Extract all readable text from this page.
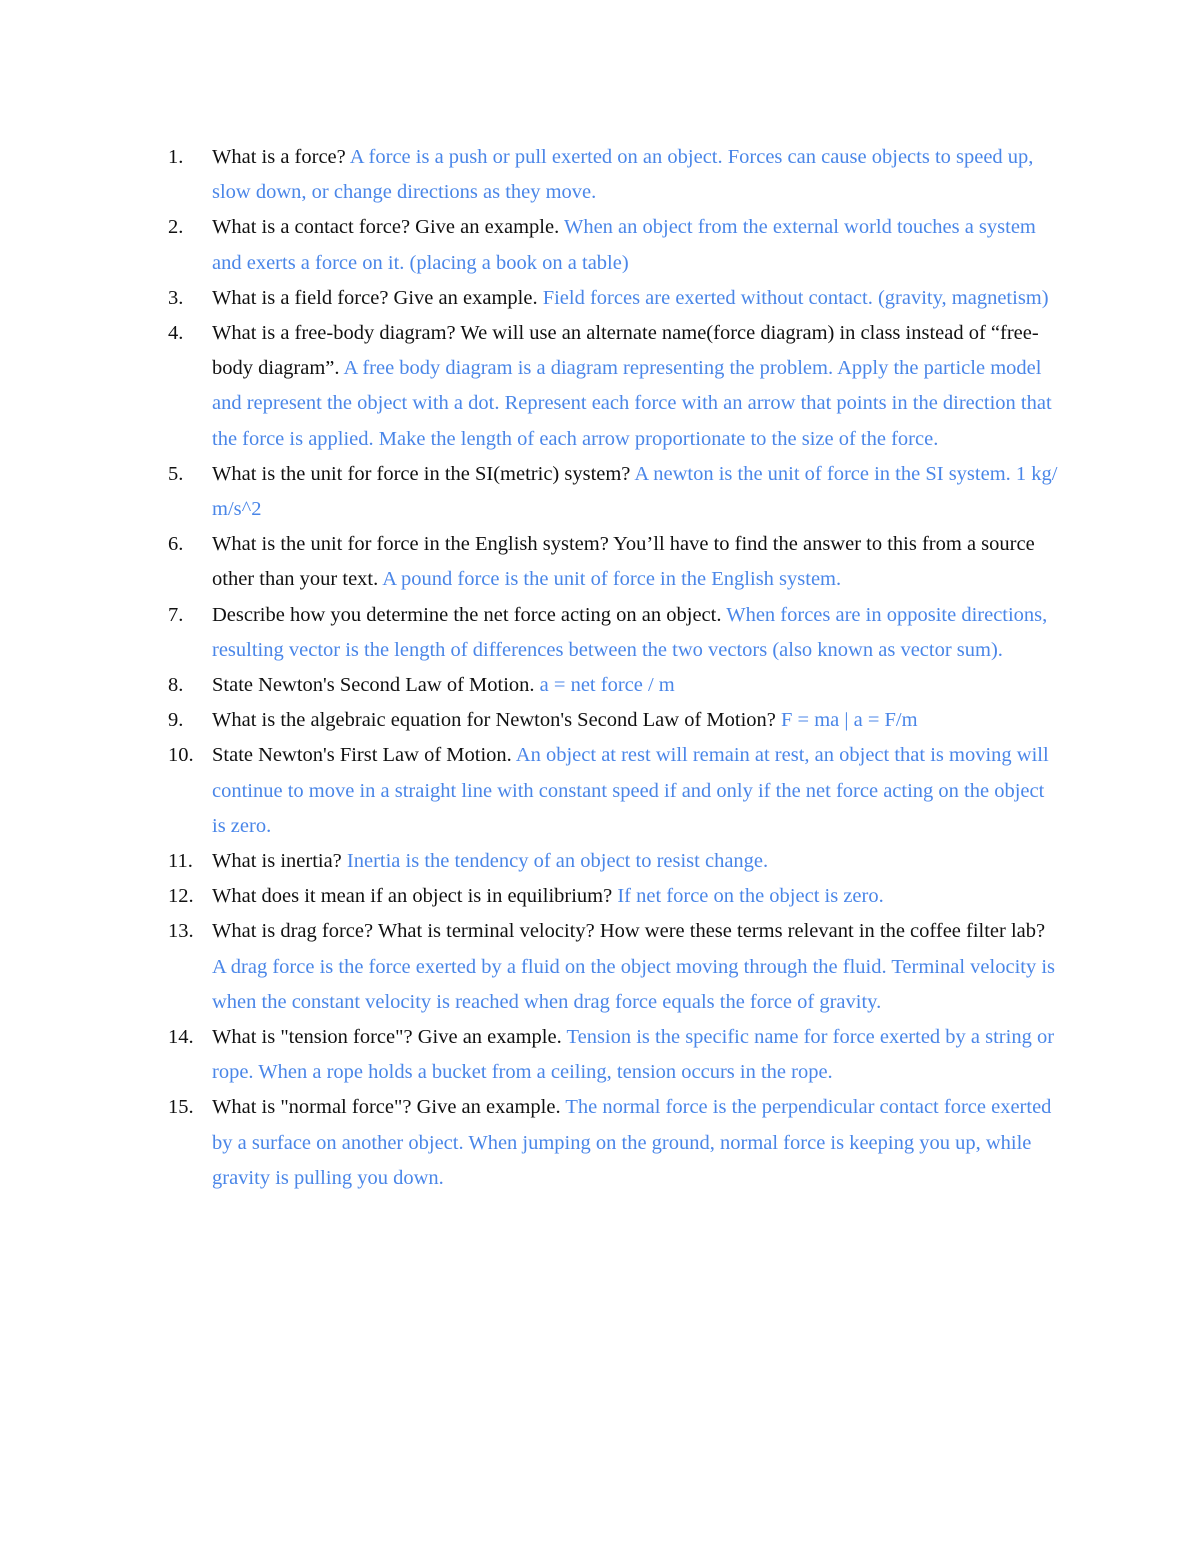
1.	What is a force? A force is a push or pull exerted on an object. Forces can cause objects to speed up, slow down, or change directions as they move.
2.	What is a contact force? Give an example. When an object from the external world touches a system and exerts a force on it. (placing a book on a table)
3.	What is a field force? Give an example. Field forces are exerted without contact. (gravity, magnetism)
4.	What is a free-body diagram? We will use an alternate name(force diagram) in class instead of “free-body diagram”. A free body diagram is a diagram representing the problem. Apply the particle model and represent the object with a dot. Represent each force with an arrow that points in the direction that the force is applied. Make the length of each arrow proportionate to the size of the force.
5.	What is the unit for force in the SI(metric) system? A newton is the unit of force in the SI system. 1 kg/ m/s^2
6.	What is the unit for force in the English system? You’ll have to find the answer to this from a source other than your text. A pound force is the unit of force in the English system.
7.	Describe how you determine the net force acting on an object. When forces are in opposite directions, resulting vector is the length of differences between the two vectors (also known as vector sum).
8.	State Newton's Second Law of Motion. a = net force / m
9.	What is the algebraic equation for Newton's Second Law of Motion? F = ma | a = F/m
10. State Newton's First Law of Motion. An object at rest will remain at rest, an object that is moving will continue to move in a straight line with constant speed if and only if the net force acting on the object is zero.
11. What is inertia? Inertia is the tendency of an object to resist change.
12. What does it mean if an object is in equilibrium? If net force on the object is zero.
13. What is drag force? What is terminal velocity? How were these terms relevant in the coffee filter lab? A drag force is the force exerted by a fluid on the object moving through the fluid. Terminal velocity is when the constant velocity is reached when drag force equals the force of gravity.
14. What is "tension force"? Give an example. Tension is the specific name for force exerted by a string or rope. When a rope holds a bucket from a ceiling, tension occurs in the rope.
15. What is "normal force"? Give an example. The normal force is the perpendicular contact force exerted by a surface on another object. When jumping on the ground, normal force is keeping you up, while gravity is pulling you down.
